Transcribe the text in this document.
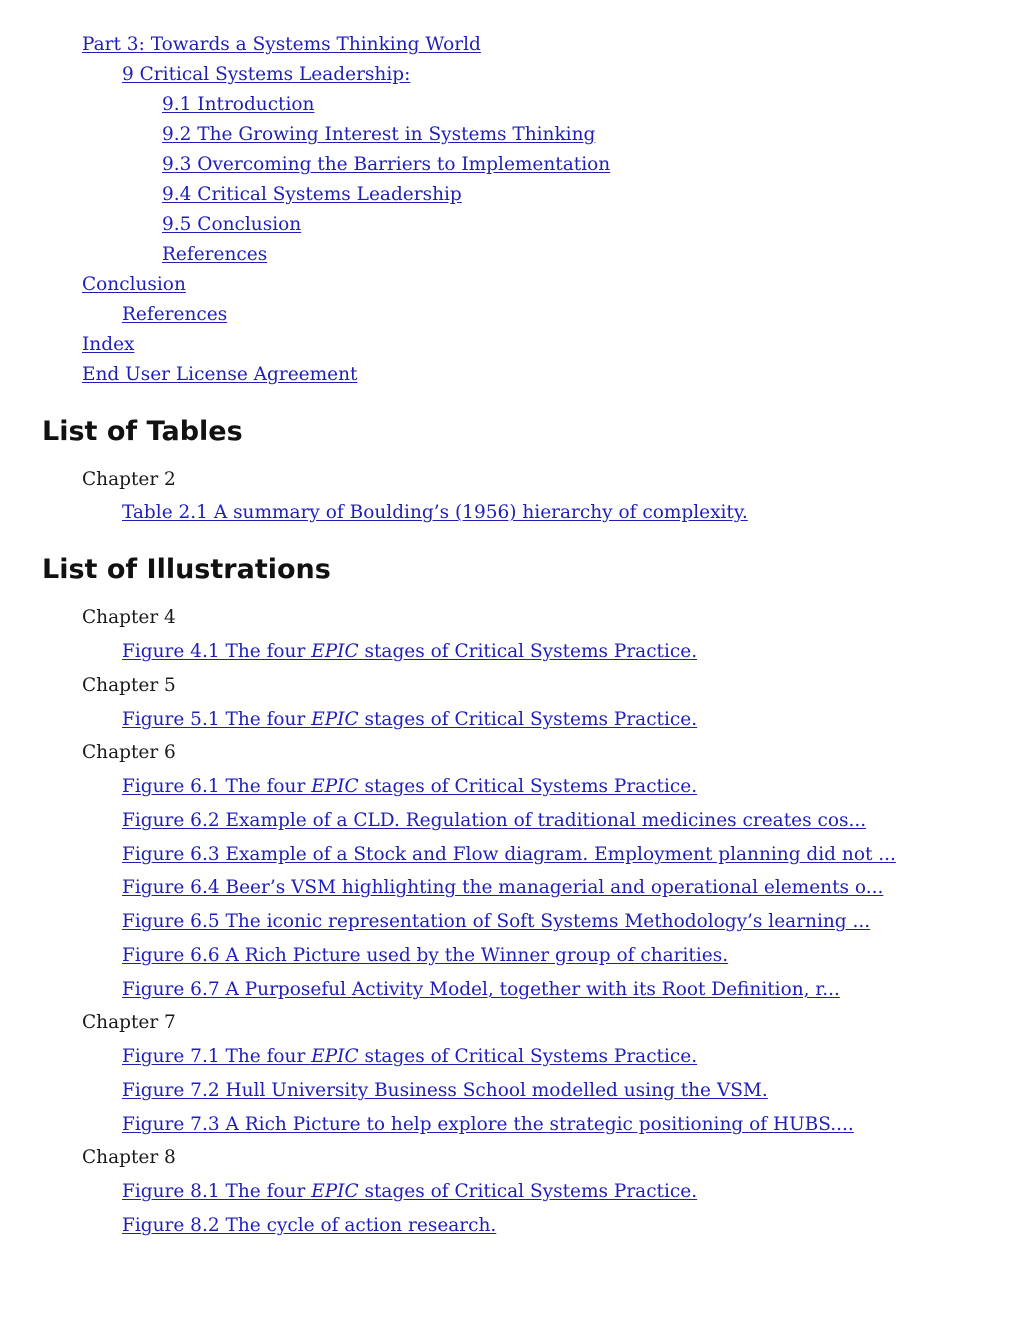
Part 3: Towards a Systems Thinking World
9 Critical Systems Leadership:
9.1 Introduction
9.2 The Growing Interest in Systems Thinking
9.3 Overcoming the Barriers to Implementation
9.4 Critical Systems Leadership
9.5 Conclusion
References
Conclusion
References
Index
End User License Agreement
List of Tables
Chapter 2
Table 2.1 A summary of Boulding’s (1956) hierarchy of complexity.
List of Illustrations
Chapter 4
Figure 4.1 The four EPIC stages of Critical Systems Practice.
Chapter 5
Figure 5.1 The four EPIC stages of Critical Systems Practice.
Chapter 6
Figure 6.1 The four EPIC stages of Critical Systems Practice.
Figure 6.2 Example of a CLD. Regulation of traditional medicines creates cos...
Figure 6.3 Example of a Stock and Flow diagram. Employment planning did not ...
Figure 6.4 Beer’s VSM highlighting the managerial and operational elements o...
Figure 6.5 The iconic representation of Soft Systems Methodology’s learning ...
Figure 6.6 A Rich Picture used by the Winner group of charities.
Figure 6.7 A Purposeful Activity Model, together with its Root Definition, r...
Chapter 7
Figure 7.1 The four EPIC stages of Critical Systems Practice.
Figure 7.2 Hull University Business School modelled using the VSM.
Figure 7.3 A Rich Picture to help explore the strategic positioning of HUBS....
Chapter 8
Figure 8.1 The four EPIC stages of Critical Systems Practice.
Figure 8.2 The cycle of action research.
